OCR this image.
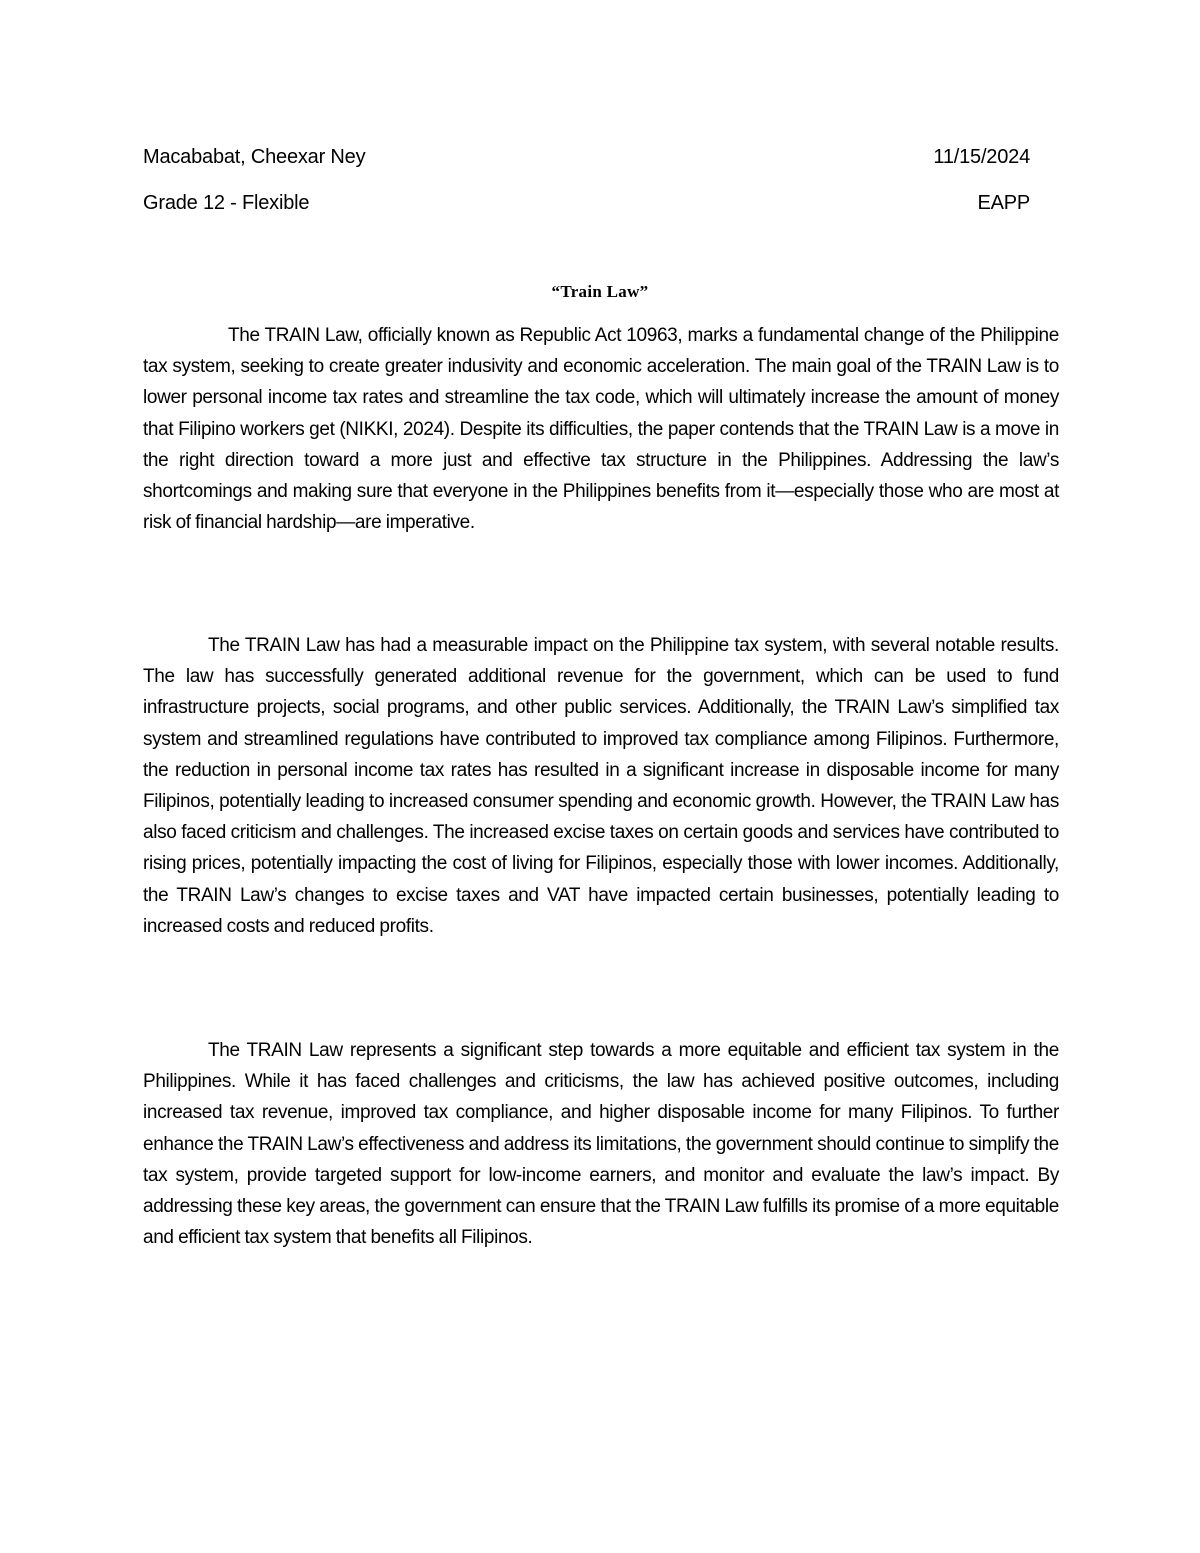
Macababat, Cheexar Ney	11/15/2024
Grade 12 - Flexible	EAPP
“Train Law”

The TRAIN Law, officially known as Republic Act 10963, marks a fundamental change of the Philippine tax system, seeking to create greater indusivity and economic acceleration. The main goal of the TRAIN Law is to lower personal income tax rates and streamline the tax code, which will ultimately increase the amount of money that Filipino workers get (NIKKI, 2024). Despite its difficulties, the paper contends that the TRAIN Law is a move in the right direction toward a more just and effective tax structure in the Philippines. Addressing the law’s shortcomings and making sure that everyone in the Philippines benefits from it—especially those who are most at risk of financial hardship—are imperative.

The TRAIN Law has had a measurable impact on the Philippine tax system, with several notable results. The law has successfully generated additional revenue for the government, which can be used to fund infrastructure projects, social programs, and other public services. Additionally, the TRAIN Law’s simplified tax system and streamlined regulations have contributed to improved tax compliance among Filipinos. Furthermore, the reduction in personal income tax rates has resulted in a significant increase in disposable income for many Filipinos, potentially leading to increased consumer spending and economic growth. However, the TRAIN Law has also faced criticism and challenges. The increased excise taxes on certain goods and services have contributed to rising prices, potentially impacting the cost of living for Filipinos, especially those with lower incomes. Additionally, the TRAIN Law’s changes to excise taxes and VAT have impacted certain businesses, potentially leading to increased costs and reduced profits.

The TRAIN Law represents a significant step towards a more equitable and efficient tax system in the Philippines. While it has faced challenges and criticisms, the law has achieved positive outcomes, including increased tax revenue, improved tax compliance, and higher disposable income for many Filipinos. To further enhance the TRAIN Law’s effectiveness and address its limitations, the government should continue to simplify the tax system, provide targeted support for low-income earners, and monitor and evaluate the law’s impact. By addressing these key areas, the government can ensure that the TRAIN Law fulfills its promise of a more equitable and efficient tax system that benefits all Filipinos.
